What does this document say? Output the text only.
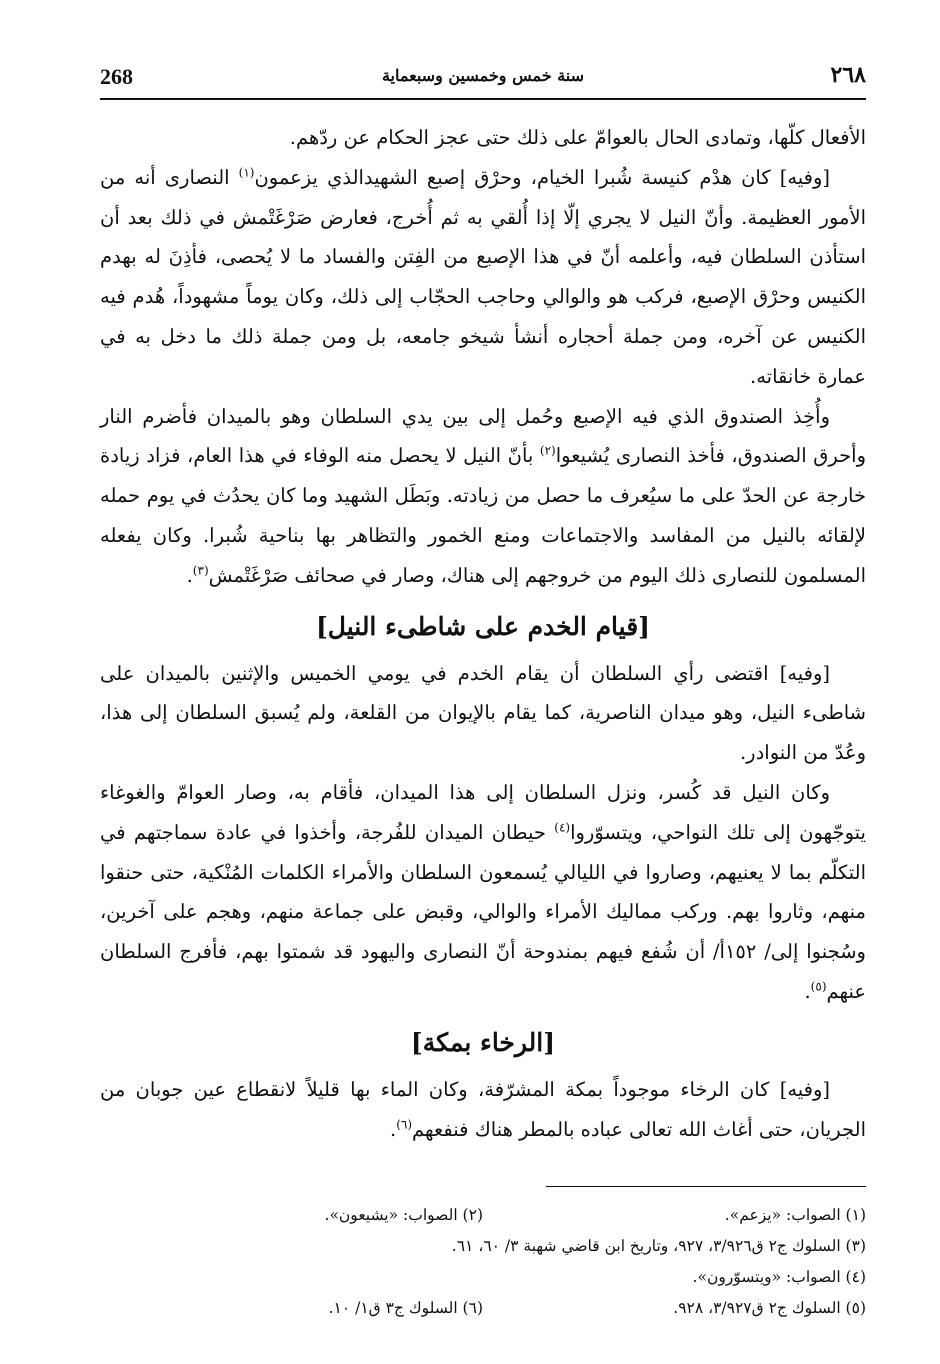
268	سنة خمس وخمسين وسبعماية	٢٦٨

الأفعال كلّها، وتمادى الحال بالعوامّ على ذلك حتى عجز الحكام عن ردّهم.

[وفيه] كان هدْم كنيسة شُبرا الخيام، وحرْق إصبع الشهيدالذي يزعمون$^{(١)}$ النصارى أنه من الأمور العظيمة. وأنّ النيل لا يجري إلّا إذا أُلقي به ثم أُخرج، فعارض صَرْغَتْمش في ذلك بعد أن استأذن السلطان فيه، وأعلمه أنّ في هذا الإصبع من الفِتن والفساد ما لا يُحصى، فأذِنَ له بهدم الكنيس وحرْق الإصبع، فركب هو والوالي وحاجب الحجّاب إلى ذلك، وكان يوماً مشهوداً، هُدم فيه الكنيس عن آخره، ومن جملة أحجاره أنشأ شيخو جامعه، بل ومن جملة ذلك ما دخل به في عمارة خانقاته.

وأُخِذ الصندوق الذي فيه الإصبع وحُمل إلى بين يدي السلطان وهو بالميدان فأضرم النار وأحرق الصندوق، فأخذ النصارى يُشيعوا$^{(٢)}$ بأنّ النيل لا يحصل منه الوفاء في هذا العام، فزاد زيادة خارجة عن الحدّ على ما سيُعرف ما حصل من زيادته. وبَطَل الشهيد وما كان يحدُث في يوم حمله لإلقائه بالنيل من المفاسد والاجتماعات ومنع الخمور والتظاهر بها بناحية شُبرا. وكان يفعله المسلمون للنصارى ذلك اليوم من خروجهم إلى هناك، وصار في صحائف صَرْغَتْمش$^{(٣)}$.

[قيام الخدم على شاطىء النيل]

[وفيه] اقتضى رأي السلطان أن يقام الخدم في يومي الخميس والإثنين بالميدان على شاطىء النيل، وهو ميدان الناصرية، كما يقام بالإيوان من القلعة، ولم يُسبق السلطان إلى هذا، وعُدّ من النوادر.

وكان النيل قد كُسر، ونزل السلطان إلى هذا الميدان، فأقام به، وصار العوامّ والغوغاء يتوجّهون إلى تلك النواحي، ويتسوّروا$^{(٤)}$ حيطان الميدان للفُرجة، وأخذوا في عادة سماجتهم في التكلّم بما لا يعنيهم، وصاروا في الليالي يُسمعون السلطان والأمراء الكلمات المُنْكية، حتى حنقوا منهم، وثاروا بهم. وركب مماليك الأمراء والوالي، وقبض على جماعة منهم، وهجم على آخرين، وسُجنوا إلى/ ١٥٢أ/ أن شُفع فيهم بمندوحة أنّ النصارى واليهود قد شمتوا بهم، فأفرج السلطان عنهم$^{(٥)}$.

[الرخاء بمكة]

[وفيه] كان الرخاء موجوداً بمكة المشرّفة، وكان الماء بها قليلاً لانقطاع عين جوبان من الجريان، حتى أغاث الله تعالى عباده بالمطر هناك فنفعهم$^{(٦)}$.

(١) الصواب: «يزعم».
(٢) الصواب: «يشيعون».
(٣) السلوك ج٢ ق٣/٩٢٦، ٩٢٧، وتاريخ ابن قاضي شهبة ٣/ ٦٠، ٦١.
(٤) الصواب: «ويتسوّرون».
(٥) السلوك ج٢ ق٣/٩٢٧، ٩٢٨.
(٦) السلوك ج٣ ق١/ ١٠.
